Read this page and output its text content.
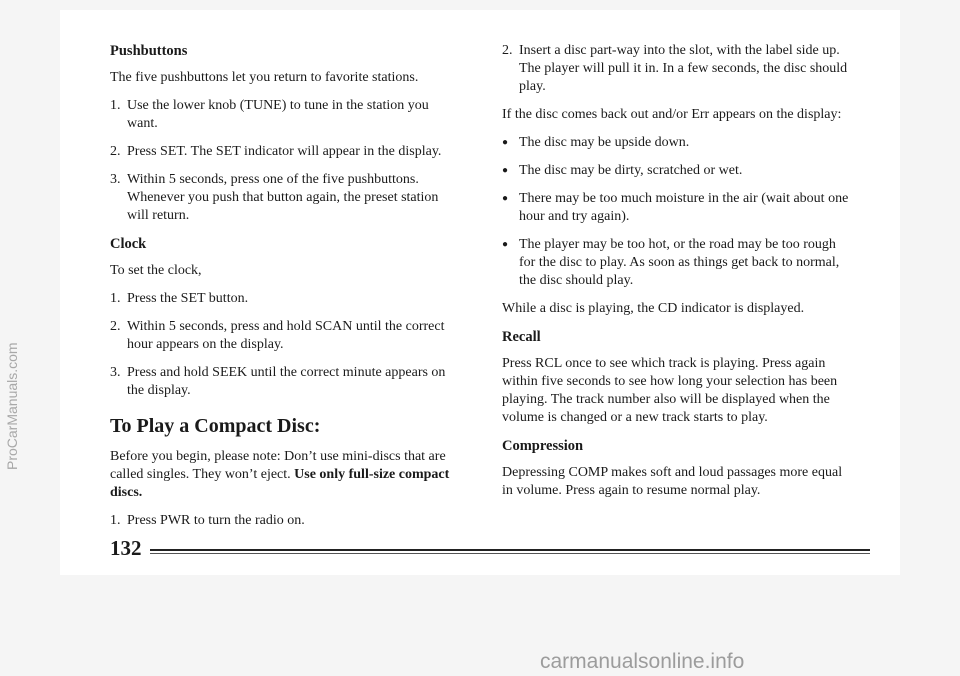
Pushbuttons

The five pushbuttons let you return to favorite stations.

1. Use the lower knob (TUNE) to tune in the station you want.
2. Press SET. The SET indicator will appear in the display.
3. Within 5 seconds, press one of the five pushbuttons. Whenever you push that button again, the preset station will return.
Clock

To set the clock,

1. Press the SET button.
2. Within 5 seconds, press and hold SCAN until the correct hour appears on the display.
3. Press and hold SEEK until the correct minute appears on the display.
To Play a Compact Disc:

Before you begin, please note: Don’t use mini-discs that are called singles. They won’t eject. Use only full-size compact discs.

1. Press PWR to turn the radio on.
2. Insert a disc part-way into the slot, with the label side up. The player will pull it in. In a few seconds, the disc should play.

If the disc comes back out and/or Err appears on the display:

● The disc may be upside down.
● The disc may be dirty, scratched or wet.
● There may be too much moisture in the air (wait about one hour and try again).
● The player may be too hot, or the road may be too rough for the disc to play. As soon as things get back to normal, the disc should play.

While a disc is playing, the CD indicator is displayed.

Recall

Press RCL once to see which track is playing. Press again within five seconds to see how long your selection has been playing. The track number also will be displayed when the volume is changed or a new track starts to play.

Compression

Depressing COMP makes soft and loud passages more equal in volume. Press again to resume normal play.

132
ProCarManuals.com
carmanualsonline.info
